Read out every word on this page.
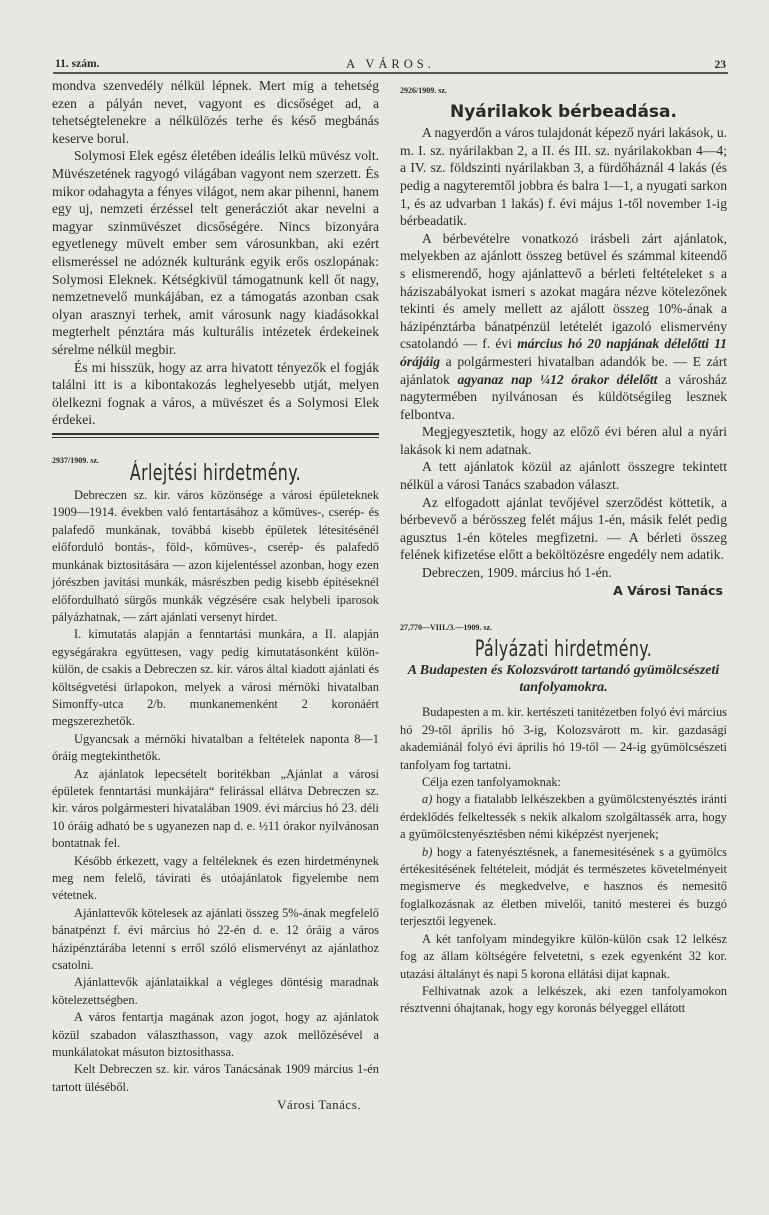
11. szám.	A VÁROS.	23

mondva szenvedély nélkül lépnek. Mert mig a tehetség ezen a pályán nevet, vagyont es dicsőséget ad, a tehetségtelenekre a nélkülözés terhe és késő megbánás keserve borul.

Solymosi Elek egész életében ideális lelkü müvész volt. Müvészetének ragyogó világában vagyont nem szerzett. És mikor odahagyta a fényes világot, nem akar pihenni, hanem egy uj, nemzeti érzéssel telt generácziót akar nevelni a magyar szinmüvészet dicsőségére. Nincs bizonyára egyetlenegy müvelt ember sem városunkban, aki ezért elismeréssel ne adóznék kulturánk egyik erős oszlopának: Solymosi Eleknek. Kétségkivül támogatnunk kell őt nagy, nemzetnevelő munkájában, ez a támogatás azonban csak olyan arasznyi terhek, amit városunk nagy kiadásokkal megterhelt pénztára más kulturális intézetek érdekeinek sérelme nélkül megbir.

És mi hisszük, hogy az arra hivatott tényezők el fogják találni itt is a kibontakozás leghelyesebb utját, melyen ölelkezni fognak a város, a müvészet és a Solymosi Elek érdekei.

2937/1909. sz.
Árlejtési hirdetmény.

Debreczen sz. kir. város közönsége a városi épületeknek 1909—1914. években való fentartásához a kőmüves-, cserép- és palafedő munkának, továbbá kisebb épületek létesitésénél előforduló bontás-, föld-, kőmüves-, cserép- és palafedő munkának biztositására — azon kijelentéssel azonban, hogy ezen jórészben javitási munkák, másrészben pedig kisebb építéseknél előfordulható sürgős munkák végzésére csak helybeli iparosok pályázhatnak, — zárt ajánlati versenyt hirdet.

I. kimutatás alapján a fenntartási munkára, a II. alapján egységárakra együttesen, vagy pedig kimutatásonként külön-külön, de csakis a Debreczen sz. kir. város által kiadott ajánlati és költségvetési ürlapokon, melyek a városi mérnöki hivatalban Simonffy-utca 2/b. munkanemenként 2 koronáért megszerezhetők.

Ugyancsak a mérnöki hivatalban a feltételek naponta 8—1 óráig megtekinthetők.

Az ajánlatok lepecsételt boritékban „Ajánlat a városi épületek fenntartási munkájára“ felirással ellátva Debreczen sz. kir. város polgármesteri hivatalában 1909. évi március hó 23. déli 10 óráig adható be s ugyanezen nap d. e. ½11 órakor nyilvánosan bontatnak fel.

Később érkezett, vagy a feltéleknek és ezen hirdetménynek meg nem felelő, távirati és utóajánlatok figyelembe nem vétetnek.

Ajánlattevők kötelesek az ajánlati összeg 5%-ának megfelelő bánatpénzt f. évi március hó 22-én d. e. 12 óráig a város házipénztárába letenni s erről szóló elismervényt az ajánlathoz csatolni.

Ajánlattevők ajánlataikkal a végleges döntésig maradnak kötelezettségben.

A város fentartja magának azon jogot, hogy az ajánlatok közül szabadon választhasson, vagy azok mellőzésével a munkálatokat másuton biztosithassa.

Kelt Debreczen sz. kir. város Tanácsának 1909 március 1-én tartott üléséből.

Városi Tanács.
2926/1909. sz.
Nyárilakok bérbeadása.

A nagyerdőn a város tulajdonát képező nyári lakások, u. m. I. sz. nyárilakban 2, a II. és III. sz. nyárilakokban 4—4; a IV. sz. földszinti nyárilakban 3, a fürdőháznál 4 lakás (és pedig a nagyteremtől jobbra és balra 1—1, a nyugati sarkon 1, és az udvarban 1 lakás) f. évi május 1-től november 1-ig bérbeadatik.

A bérbevételre vonatkozó irásbeli zárt ajánlatok, melyekben az ajánlott összeg betüvel és számmal kiteendő s elismerendő, hogy ajánlattevő a bérleti feltételeket s a háziszabályokat ismeri s azokat magára nézve kötelezőnek tekinti és amely mellett az ajálott összeg 10%-ának a házipénztárba bánatpénzül letételét igazoló elismervény csatolandó — f. évi március hó 20 napjának délelőtti 11 órájáig a polgármesteri hivatalban adandók be. — E zárt ajánlatok agyanaz nap ¼12 órakor délelőtt a városház nagytermében nyilvánosan és küldötségileg lesznek felbontva.

Megjegyesztetik, hogy az előző évi béren alul a nyári lakások ki nem adatnak.

A tett ajánlatok közül az ajánlott összegre tekintett nélkül a városi Tanács szabadon választ.

Az elfogadott ajánlat tevőjével szerződést köttetik, a bérbevevő a bérösszeg felét május 1-én, másik felét pedig agusztus 1-én köteles megfizetni. — A bérleti összeg felének kifizetése előtt a beköltözésre engedély nem adatik.

Debreczen, 1909. március hó 1-én.

A Városi Tanács
27,770—VIII./3.—1909. sz.
Pályázati hirdetmény.
A Budapesten és Kolozsvárott tartandó gyümölcsészeti tanfolyamokra.

Budapesten a m. kir. kertészeti tanitézetben folyó évi március hó 29-től április hó 3-ig, Kolozsvárott m. kir. gazdasági akademiánál folyó évi április hó 19-től — 24-ig gyümölcsészeti tanfolyam fog tartatni.

Célja ezen tanfolyamoknak:

a) hogy a fiatalabb lelkészekben a gyümölcstenyésztés iránti érdeklődés felkeltessék s nekik alkalom szolgáltassék arra, hogy a gyümölcstenyésztésben némi kiképzést nyerjenek;

b) hogy a fatenyésztésnek, a fanemesitésének s a gyümölcs értékesitésének feltételeit, módját és természetes követelményeit megismerve és megkedvelve, e hasznos és nemesitő foglalkozásnak az életben mivelői, tanitó mesterei és buzgó terjesztői legyenek.

A két tanfolyam mindegyikre külön-külön csak 12 lelkész fog az állam költségére felvetetni, s ezek egyenként 32 kor. utazási általányt és napi 5 korona ellátási dijat kapnak.

Felhivatnak azok a lelkészek, aki ezen tanfolyamokon résztvenni óhajtanak, hogy egy koronás bélyeggel ellátott
